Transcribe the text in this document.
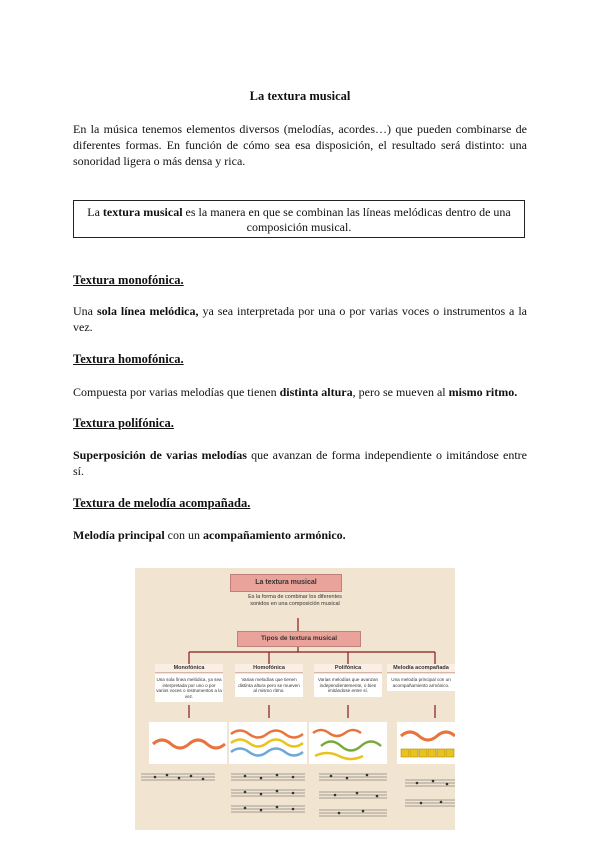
La textura musical
En la música tenemos elementos diversos (melodías, acordes…) que pueden combinarse de diferentes formas. En función de cómo sea esa disposición, el resultado será distinto: una sonoridad ligera o más densa y rica.
La textura musical es la manera en que se combinan las líneas melódicas dentro de una composición musical.
Textura monofónica.
Una sola línea melódica, ya sea interpretada por una o por varias voces o instrumentos a la vez.
Textura homofónica.
Compuesta por varias melodías que tienen distinta altura, pero se mueven al mismo ritmo.
Textura polifónica.
Superposición de varias melodías que avanzan de forma independiente o imitándose entre sí.
Textura de melodía acompañada.
Melodía principal con un acompañamiento armónico.
La textura musical
Es la forma de combinar los diferentes sonidos en una composición musical
Tipos de textura musical
Monofónica	Homofónica	Polifónica	Melodía acompañada
Una sola línea melódica, ya sea interpretada por uno o por varios voces o instrumentos a la vez.
Varias melodías que tienen distinta altura pero se mueven al mismo ritmo.
Varias melodías que avanzan independientemente, o bien imitándose entre sí.
Una melodía principal con un acompañamiento armónico.
